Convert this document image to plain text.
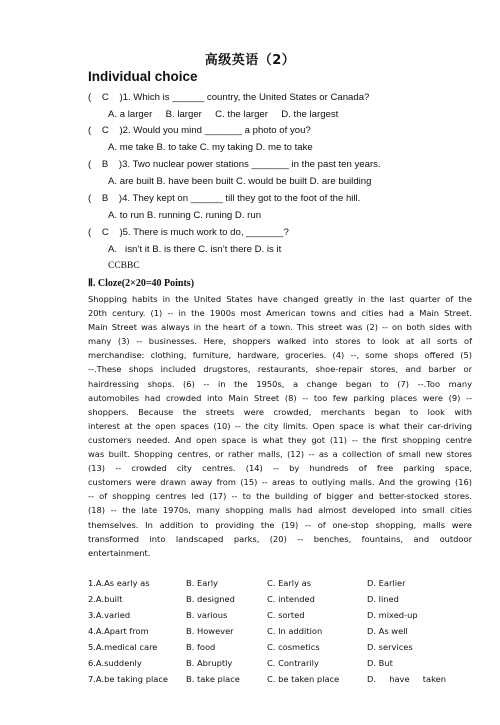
高级英语（2）
Individual choice
(    C    )1. Which is ______ country, the United States or Canada?
A. a larger     B. larger     C. the larger     D. the largest
(    C    )2. Would you mind _______ a photo of you?
A. me take B. to take C. my taking D. me to take
(    B    )3. Two nuclear power stations _______ in the past ten years.
A. are built B. have been built C. would be built D. are building
(    B    )4. They kept on ______ till they got to the foot of the hill.
A. to run B. running C. runing D. run
(    C    )5. There is much work to do, _______?
A.   isn’t it B. is there C. isn’t there D. is it
CCBBC
Ⅱ. Cloze(2×20=40 Points)
Shopping habits in the United States have changed greatly in the last quarter of the
20th century. (1) -- in the 1900s most American towns and cities had a Main Street.
Main Street was always in the heart of a town. This street was (2) -- on both sides with
many (3) -- businesses. Here, shoppers walked into stores to look at all sorts of
merchandise: clothing, furniture, hardware, groceries. (4) --, some shops offered (5)
--.These shops included drugstores, restaurants, shoe-repair stores, and barber or
hairdressing shops. (6) -- in the 1950s, a change began to (7) --.Too many
automobiles had crowded into Main Street (8) -- too few parking places were (9) --
shoppers. Because the streets were crowded, merchants began to look with
interest at the open spaces (10) -- the city limits. Open space is what their car-driving
customers needed. And open space is what they got (11) -- the first shopping centre
was built. Shopping centres, or rather malls, (12) -- as a collection of small new stores
(13) -- crowded city centres. (14) -- by hundreds of free parking space,
customers were drawn away from (15) -- areas to outlying malls. And the growing (16)
-- of shopping centres led (17) -- to the building of bigger and better-stocked stores.
(18) -- the late 1970s, many shopping malls had almost developed into small cities
themselves. In addition to providing the (19) -- of one-stop shopping, malls were
transformed into landscaped parks, (20) -- benches, fountains, and outdoor
entertainment.
1.A.As early as	B. Early	C. Early as	D. Earlier
2.A.built	B. designed	C. intended	D. lined
3.A.varied	B. various	C. sorted	D. mixed-up
4.A.Apart from	B. However	C. In addition	D. As well
5.A.medical care	B. food	C. cosmetics	D. services
6.A.suddenly	B. Abruptly	C. Contrarily	D. But
7.A.be taking place B. take place	C. be taken place	D.     have     taken
